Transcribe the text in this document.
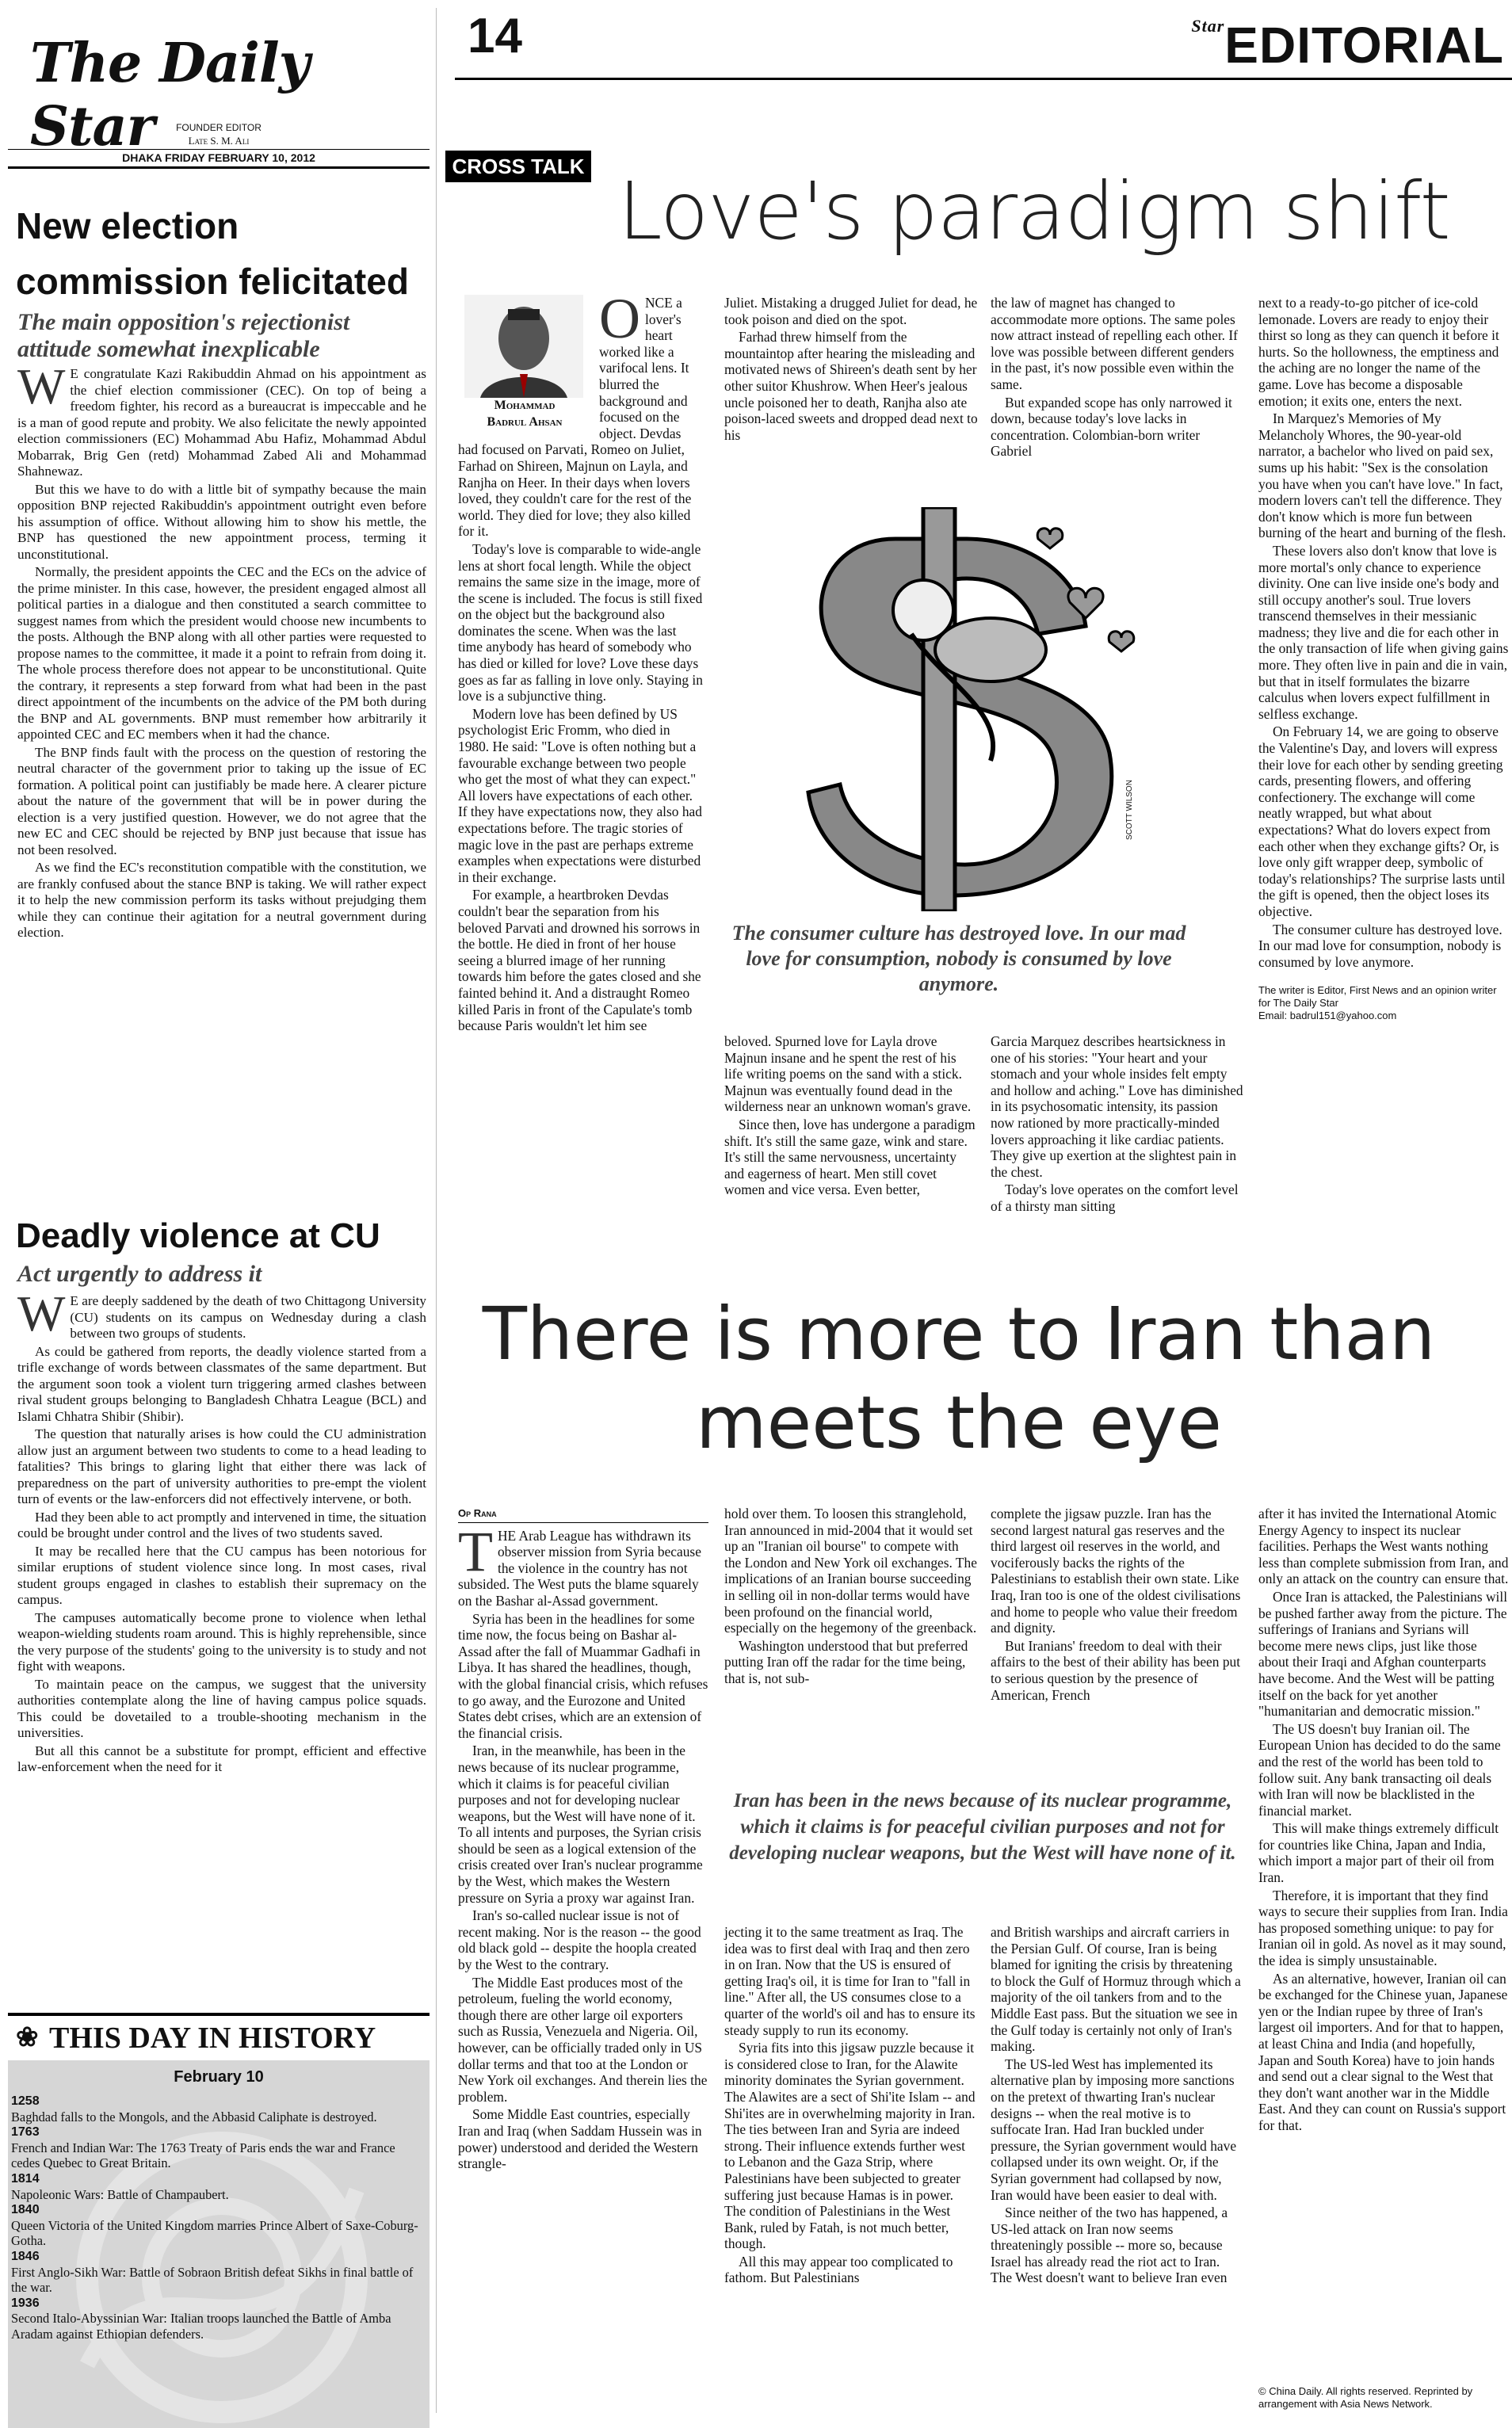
The Daily Star	FOUNDER EDITOR
Late S. M. Ali
DHAKA FRIDAY FEBRUARY 10, 2012
New election commission felicitated
The main opposition's rejectionist attitude somewhat inexplicable

W E congratulate Kazi Rakibuddin Ahmad on his appointment as the chief election commissioner (CEC). On top of being a freedom fighter, his record as a bureaucrat is impeccable and he is a man of good repute and probity. We also felicitate the newly appointed election commissioners (EC) Mohammad Abu Hafiz, Mohammad Abdul Mobarrak, Brig Gen (retd) Mohammad Zabed Ali and Mohammad Shahnewaz.

But this we have to do with a little bit of sympathy because the main opposition BNP rejected Rakibuddin's appointment outright even before his assumption of office. Without allowing him to show his mettle, the BNP has questioned the new appointment process, terming it unconstitutional.

Normally, the president appoints the CEC and the ECs on the advice of the prime minister. In this case, however, the president engaged almost all political parties in a dialogue and then constituted a search committee to suggest names from which the president would choose new incumbents to the posts. Although the BNP along with all other parties were requested to propose names to the committee, it made it a point to refrain from doing it. The whole process therefore does not appear to be unconstitutional. Quite the contrary, it represents a step forward from what had been in the past direct appointment of the incumbents on the advice of the PM both during the BNP and AL governments. BNP must remember how arbitrarily it appointed CEC and EC members when it had the chance.

The BNP finds fault with the process on the question of restoring the neutral character of the government prior to taking up the issue of EC formation. A political point can justifiably be made here. A clearer picture about the nature of the government that will be in power during the election is a very justified question. However, we do not agree that the new EC and CEC should be rejected by BNP just because that issue has not been resolved.

As we find the EC's reconstitution compatible with the constitution, we are frankly confused about the stance BNP is taking. We will rather expect it to help the new commission perform its tasks without prejudging them while they can continue their agitation for a neutral government during election.

Deadly violence at CU
Act urgently to address it

W E are deeply saddened by the death of two Chittagong University (CU) students on its campus on Wednesday during a clash between two groups of students.

As could be gathered from reports, the deadly violence started from a trifle exchange of words between classmates of the same department. But the argument soon took a violent turn triggering armed clashes between rival student groups belonging to Bangladesh Chhatra League (BCL) and Islami Chhatra Shibir (Shibir).

The question that naturally arises is how could the CU administration allow just an argument between two students to come to a head leading to fatalities? This brings to glaring light that either there was lack of preparedness on the part of university authorities to pre-empt the violent turn of events or the law-enforcers did not effectively intervene, or both.

Had they been able to act promptly and intervened in time, the situation could be brought under control and the lives of two students saved.

It may be recalled here that the CU campus has been notorious for similar eruptions of student violence since long. In most cases, rival student groups engaged in clashes to establish their supremacy on the campus.

The campuses automatically become prone to violence when lethal weapon-wielding students roam around. This is highly reprehensible, since the very purpose of the students' going to the university is to study and not fight with weapons.

To maintain peace on the campus, we suggest that the university authorities contemplate along the line of having campus police squads. This could be dovetailed to a trouble-shooting mechanism in the universities.

But all this cannot be a substitute for prompt, efficient and effective law-enforcement when the need for it

❀ THIS DAY IN HISTORY
February 10
1258
Baghdad falls to the Mongols, and the Abbasid Caliphate is destroyed.
1763
French and Indian War: The 1763 Treaty of Paris ends the war and France cedes Quebec to Great Britain.
1814
Napoleonic Wars: Battle of Champaubert.
1840
Queen Victoria of the United Kingdom marries Prince Albert of Saxe-Coburg-Gotha.
1846
First Anglo-Sikh War: Battle of Sobraon British defeat Sikhs in final battle of the war.
1936
Second Italo-Abyssinian War: Italian troops launched the Battle of Amba Aradam against Ethiopian defenders.
14	$^{Star}$EDITORIAL
CROSS TALK Love's paradigm shift
Mohammad
Badrul Ahsan

ONCE a lover's heart worked like a varifocal lens. It blurred the background and focused on the object. Devdas had focused on Parvati, Romeo on Juliet, Farhad on Shireen, Majnun on Layla, and Ranjha on Heer. In their days when lovers loved, they couldn't care for the rest of the world. They died for love; they also killed for it.

Today's love is comparable to wide-angle lens at short focal length. While the object remains the same size in the image, more of the scene is included. The focus is still fixed on the object but the background also dominates the scene. When was the last time anybody has heard of somebody who has died or killed for love? Love these days goes as far as falling in love only. Staying in love is a subjunctive thing.

Modern love has been defined by US psychologist Eric Fromm, who died in 1980. He said: "Love is often nothing but a favourable exchange between two people who get the most of what they can expect." All lovers have expectations of each other. If they have expectations now, they also had expectations before. The tragic stories of magic love in the past are perhaps extreme examples when expectations were disturbed in their exchange.

For example, a heartbroken Devdas couldn't bear the separation from his beloved Parvati and drowned his sorrows in the bottle. He died in front of her house seeing a blurred image of her running towards him before the gates closed and she fainted behind it. And a distraught Romeo killed Paris in front of the Capulate's tomb because Paris wouldn't let him see

Juliet. Mistaking a drugged Juliet for dead, he took poison and died on the spot.

Farhad threw himself from the mountaintop after hearing the misleading and motivated news of Shireen's death sent by her other suitor Khushrow. When Heer's jealous uncle poisoned her to death, Ranjha also ate poison-laced sweets and dropped dead next to his

the law of magnet has changed to accommodate more options. The same poles now attract instead of repelling each other. If love was possible between different genders in the past, it's now possible even within the same.

But expanded scope has only narrowed it down, because today's love lacks in concentration. Colombian-born writer Gabriel

next to a ready-to-go pitcher of ice-cold lemonade. Lovers are ready to enjoy their thirst so long as they can quench it before it hurts. So the hollowness, the emptiness and the aching are no longer the name of the game. Love has become a disposable emotion; it exits one, enters the next.

In Marquez's Memories of My Melancholy Whores, the 90-year-old narrator, a bachelor who lived on paid sex, sums up his habit: "Sex is the consolation you have when you can't have love." In fact, modern lovers can't tell the difference. They don't know which is more fun between burning of the heart and burning of the flesh.

These lovers also don't know that love is more mortal's only chance to experience divinity. One can live inside one's body and still occupy another's soul. True lovers transcend themselves in their messianic madness; they live and die for each other in the only transaction of life when giving gains more. They often live in pain and die in vain, but that in itself formulates the bizarre calculus when lovers expect fulfillment in selfless exchange.

On February 14, we are going to observe the Valentine's Day, and lovers will express their love for each other by sending greeting cards, presenting flowers, and offering confectionery. The exchange will come neatly wrapped, but what about expectations? What do lovers expect from each other when they exchange gifts? Or, is love only gift wrapper deep, symbolic of today's relationships? The surprise lasts until the gift is opened, then the object loses its objective.

The consumer culture has destroyed love. In our mad love for consumption, nobody is consumed by love anymore.

The writer is Editor, First News and an opinion writer for The Daily Star
Email: badrul151@yahoo.com
SCOTT WILSON
The consumer culture has destroyed love. In our mad love for consumption, nobody is consumed by love anymore.

beloved. Spurned love for Layla drove Majnun insane and he spent the rest of his life writing poems on the sand with a stick. Majnun was eventually found dead in the wilderness near an unknown woman's grave.

Since then, love has undergone a paradigm shift. It's still the same gaze, wink and stare. It's still the same nervousness, uncertainty and eagerness of heart. Men still covet women and vice versa. Even better,

Garcia Marquez describes heartsickness in one of his stories: "Your heart and your stomach and your whole insides felt empty and hollow and aching." Love has diminished in its psychosomatic intensity, its passion now rationed by more practically-minded lovers approaching it like cardiac patients. They give up exertion at the slightest pain in the chest.

Today's love operates on the comfort level of a thirsty man sitting

There is more to Iran than meets the eye
Op Rana

THE Arab League has withdrawn its observer mission from Syria because the violence in the country has not subsided. The West puts the blame squarely on the Bashar al-Assad government.

Syria has been in the headlines for some time now, the focus being on Bashar al-Assad after the fall of Muammar Gadhafi in Libya. It has shared the headlines, though, with the global financial crisis, which refuses to go away, and the Eurozone and United States debt crises, which are an extension of the financial crisis.

Iran, in the meanwhile, has been in the news because of its nuclear programme, which it claims is for peaceful civilian purposes and not for developing nuclear weapons, but the West will have none of it. To all intents and purposes, the Syrian crisis should be seen as a logical extension of the crisis created over Iran's nuclear programme by the West, which makes the Western pressure on Syria a proxy war against Iran.

Iran's so-called nuclear issue is not of recent making. Nor is the reason -- the good old black gold -- despite the hoopla created by the West to the contrary.

The Middle East produces most of the petroleum, fueling the world economy, though there are other large oil exporters such as Russia, Venezuela and Nigeria. Oil, however, can be officially traded only in US dollar terms and that too at the London or New York oil exchanges. And therein lies the problem.

Some Middle East countries, especially Iran and Iraq (when Saddam Hussein was in power) understood and derided the Western strangle-

hold over them. To loosen this stranglehold, Iran announced in mid-2004 that it would set up an "Iranian oil bourse" to compete with the London and New York oil exchanges. The implications of an Iranian bourse succeeding in selling oil in non-dollar terms would have been profound on the financial world, especially on the hegemony of the greenback.

Washington understood that but preferred putting Iran off the radar for the time being, that is, not sub-

complete the jigsaw puzzle. Iran has the second largest natural gas reserves and the third largest oil reserves in the world, and vociferously backs the rights of the Palestinians to establish their own state. Like Iraq, Iran too is one of the oldest civilisations and home to people who value their freedom and dignity.

But Iranians' freedom to deal with their affairs to the best of their ability has been put to serious question by the presence of American, French

after it has invited the International Atomic Energy Agency to inspect its nuclear facilities. Perhaps the West wants nothing less than complete submission from Iran, and only an attack on the country can ensure that.

Once Iran is attacked, the Palestinians will be pushed farther away from the picture. The sufferings of Iranians and Syrians will become mere news clips, just like those about their Iraqi and Afghan counterparts have become. And the West will be patting itself on the back for yet another "humanitarian and democratic mission."

The US doesn't buy Iranian oil. The European Union has decided to do the same and the rest of the world has been told to follow suit. Any bank transacting oil deals with Iran will now be blacklisted in the financial market.

This will make things extremely difficult for countries like China, Japan and India, which import a major part of their oil from Iran.

Therefore, it is important that they find ways to secure their supplies from Iran. India has proposed something unique: to pay for Iranian oil in gold. As novel as it may sound, the idea is simply unsustainable.

As an alternative, however, Iranian oil can be exchanged for the Chinese yuan, Japanese yen or the Indian rupee by three of Iran's largest oil importers. And for that to happen, at least China and India (and hopefully, Japan and South Korea) have to join hands and send out a clear signal to the West that they don't want another war in the Middle East. And they can count on Russia's support for that.

Iran has been in the news because of its nuclear programme, which it claims is for peaceful civilian purposes and not for developing nuclear weapons, but the West will have none of it.

jecting it to the same treatment as Iraq. The idea was to first deal with Iraq and then zero in on Iran. Now that the US is ensured of getting Iraq's oil, it is time for Iran to "fall in line." After all, the US consumes close to a quarter of the world's oil and has to ensure its steady supply to run its economy.

Syria fits into this jigsaw puzzle because it is considered close to Iran, for the Alawite minority dominates the Syrian government. The Alawites are a sect of Shi'ite Islam -- and Shi'ites are in overwhelming majority in Iran. The ties between Iran and Syria are indeed strong. Their influence extends further west to Lebanon and the Gaza Strip, where Palestinians have been subjected to greater suffering just because Hamas is in power. The condition of Palestinians in the West Bank, ruled by Fatah, is not much better, though.

All this may appear too complicated to fathom. But Palestinians

and British warships and aircraft carriers in the Persian Gulf. Of course, Iran is being blamed for igniting the crisis by threatening to block the Gulf of Hormuz through which a majority of the oil tankers from and to the Middle East pass. But the situation we see in the Gulf today is certainly not only of Iran's making.

The US-led West has implemented its alternative plan by imposing more sanctions on the pretext of thwarting Iran's nuclear designs -- when the real motive is to suffocate Iran. Had Iran buckled under pressure, the Syrian government would have collapsed under its own weight. Or, if the Syrian government had collapsed by now, Iran would have been easier to deal with.

Since neither of the two has happened, a US-led attack on Iran now seems threateningly possible -- more so, because Israel has already read the riot act to Iran. The West doesn't want to believe Iran even

© China Daily. All rights reserved. Reprinted by arrangement with Asia News Network.
